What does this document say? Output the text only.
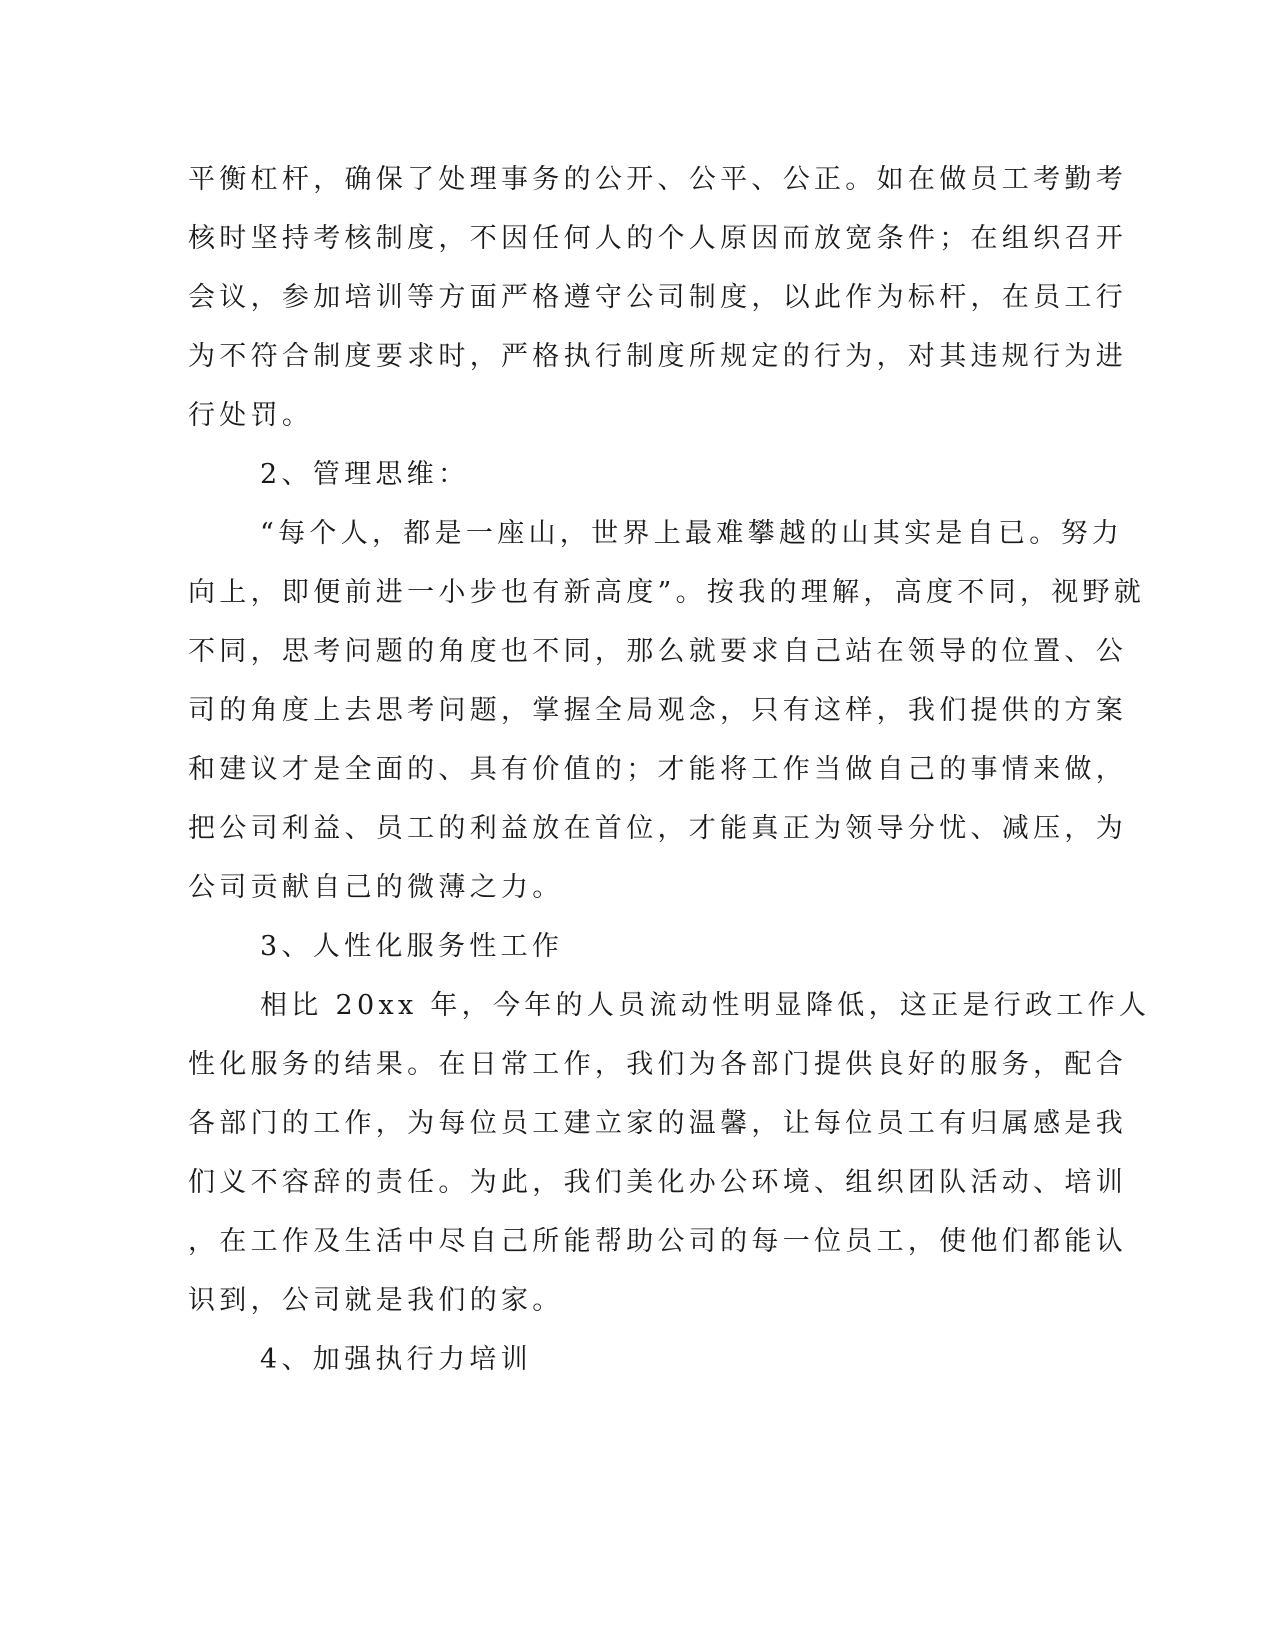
平衡杠杆，确保了处理事务的公开、公平、公正。如在做员工考勤考
核时坚持考核制度，不因任何人的个人原因而放宽条件；在组织召开
会议，参加培训等方面严格遵守公司制度，以此作为标杆，在员工行
为不符合制度要求时，严格执行制度所规定的行为，对其违规行为进
行处罚。
2、管理思维：
“每个人，都是一座山，世界上最难攀越的山其实是自已。努力
向上，即便前进一小步也有新高度”。按我的理解，高度不同，视野就
不同，思考问题的角度也不同，那么就要求自己站在领导的位置、公
司的角度上去思考问题，掌握全局观念，只有这样，我们提供的方案
和建议才是全面的、具有价值的；才能将工作当做自己的事情来做，
把公司利益、员工的利益放在首位，才能真正为领导分忧、减压，为
公司贡献自己的微薄之力。
3、人性化服务性工作
相比 20xx 年，今年的人员流动性明显降低，这正是行政工作人
性化服务的结果。在日常工作，我们为各部门提供良好的服务，配合
各部门的工作，为每位员工建立家的温馨，让每位员工有归属感是我
们义不容辞的责任。为此，我们美化办公环境、组织团队活动、培训
，在工作及生活中尽自己所能帮助公司的每一位员工，使他们都能认
识到，公司就是我们的家。
4、加强执行力培训
